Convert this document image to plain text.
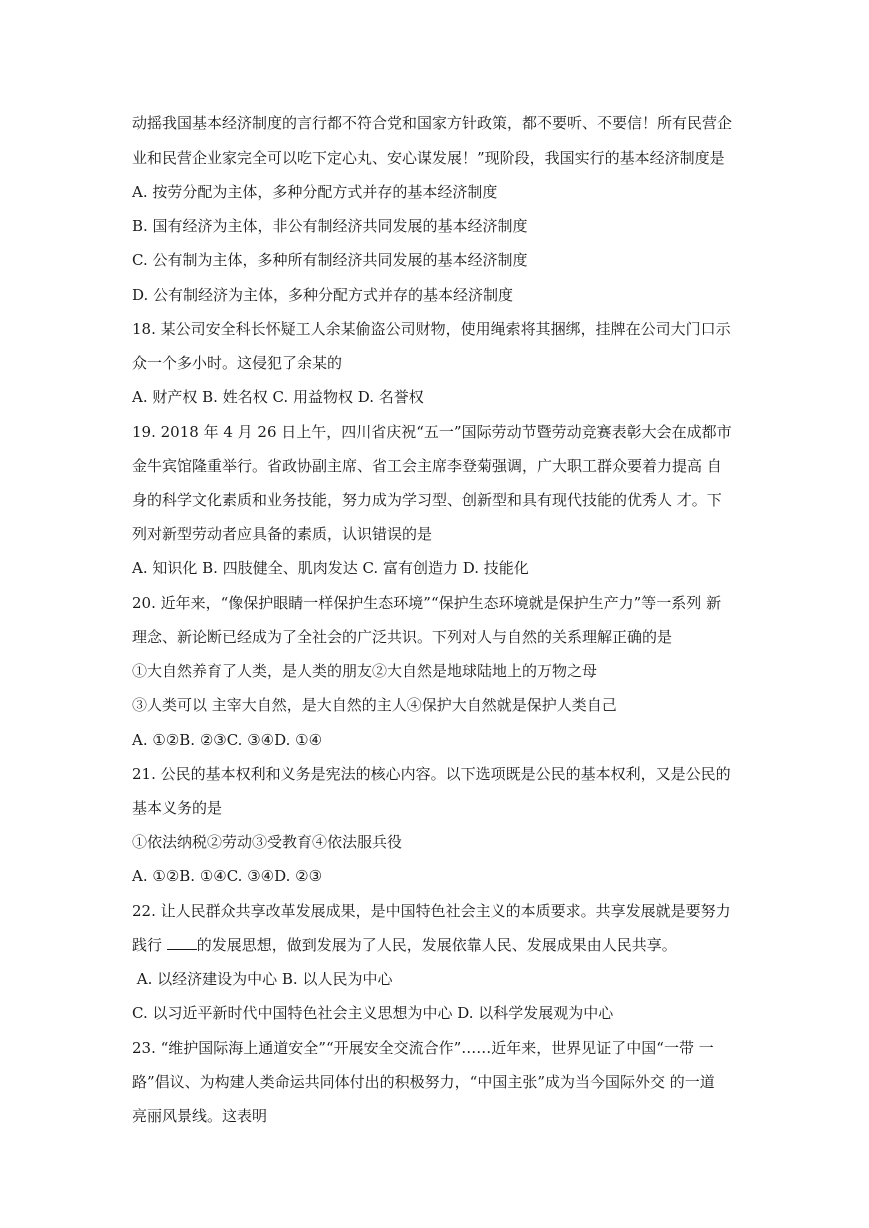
动摇我国基本经济制度的言行都不符合党和国家方针政策，都不要听、不要信！所有民营企
业和民营企业家完全可以吃下定心丸、安心谋发展！”现阶段，我国实行的基本经济制度是
A. 按劳分配为主体，多种分配方式并存的基本经济制度
B. 国有经济为主体，非公有制经济共同发展的基本经济制度
C. 公有制为主体，多种所有制经济共同发展的基本经济制度
D. 公有制经济为主体，多种分配方式并存的基本经济制度
18. 某公司安全科长怀疑工人余某偷盗公司财物，使用绳索将其捆绑，挂牌在公司大门口示
众一个多小时。这侵犯了余某的
A. 财产权 B. 姓名权 C. 用益物权 D. 名誉权
19. 2018 年 4 月 26 日上午，四川省庆祝“五一”国际劳动节暨劳动竞赛表彰大会在成都市
金牛宾馆隆重举行。省政协副主席、省工会主席李登菊强调，广大职工群众要着力提高 自
身的科学文化素质和业务技能，努力成为学习型、创新型和具有现代技能的优秀人 才。下
列对新型劳动者应具备的素质，认识错误的是
A. 知识化 B. 四肢健全、肌肉发达 C. 富有创造力 D. 技能化
20. 近年来，“像保护眼睛一样保护生态环境”“保护生态环境就是保护生产力”等一系列 新
理念、新论断已经成为了全社会的广泛共识。下列对人与自然的关系理解正确的是
①大自然养育了人类，是人类的朋友②大自然是地球陆地上的万物之母
③人类可以 主宰大自然，是大自然的主人④保护大自然就是保护人类自己
A. ①②B. ②③C. ③④D. ①④
21. 公民的基本权利和义务是宪法的核心内容。以下选项既是公民的基本权利，又是公民的
基本义务的是
①依法纳税②劳动③受教育④依法服兵役
A. ①②B. ①④C. ③④D. ②③
22. 让人民群众共享改革发展成果，是中国特色社会主义的本质要求。共享发展就是要努力
践行 的发展思想，做到发展为了人民，发展依靠人民、发展成果由人民共享。
A. 以经济建设为中心 B. 以人民为中心
C. 以习近平新时代中国特色社会主义思想为中心 D. 以科学发展观为中心
23. “维护国际海上通道安全”“开展安全交流合作”……近年来，世界见证了中国“一带 一
路”倡议、为构建人类命运共同体付出的积极努力，“中国主张”成为当今国际外交 的一道
亮丽风景线。这表明
